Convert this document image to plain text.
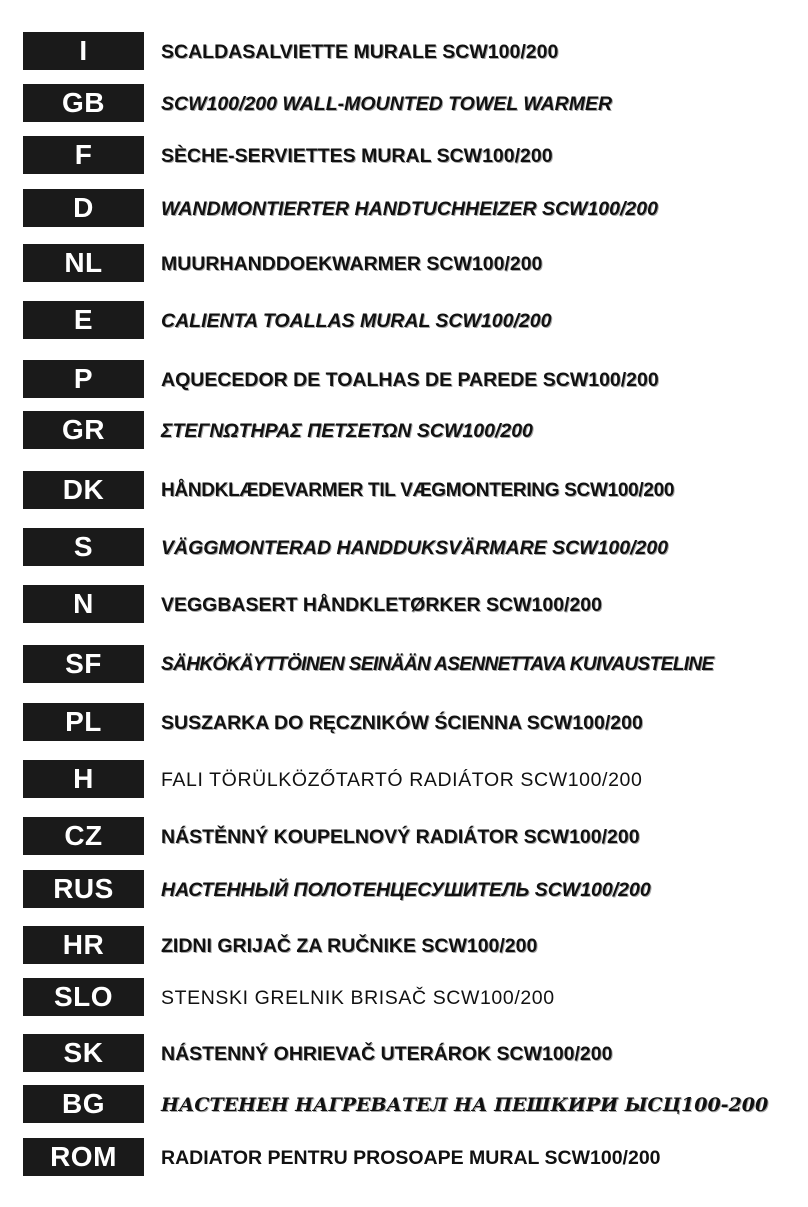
I	SCALDASALVIETTE MURALE SCW100/200
GB	SCW100/200 WALL-MOUNTED TOWEL WARMER
F	SÈCHE-SERVIETTES MURAL SCW100/200
D	WANDMONTIERTER HANDTUCHHEIZER SCW100/200
NL	MUURHANDDOEKWARMER SCW100/200
E	CALIENTA TOALLAS MURAL SCW100/200
P	AQUECEDOR DE TOALHAS DE PAREDE SCW100/200
GR	ΣΤΕΓΝΩΤΗΡΑΣ ΠΕΤΣΕΤΩΝ SCW100/200
DK	HÅNDKLÆDEVARMER TIL VÆGMONTERING SCW100/200
S	VÄGGMONTERAD HANDDUKSVÄRMARE SCW100/200
N	VEGGBASERT HÅNDKLETØRKER SCW100/200
SF	SÄHKÖKÄYTTÖINEN SEINÄÄN ASENNETTAVA KUIVAUSTELINE
PL	SUSZARKA DO RĘCZNIKÓW ŚCIENNA SCW100/200
H	FALI TÖRÜLKÖZŐTARTÓ RADIÁTOR SCW100/200
CZ	NÁSTĚNNÝ KOUPELNOVÝ RADIÁTOR SCW100/200
RUS	НАСТЕННЫЙ ПОЛОТЕНЦЕСУШИТЕЛЬ SCW100/200
HR	ZIDNI GRIJAČ ZA RUČNIKE SCW100/200
SLO	STENSKI GRELNIK BRISAČ SCW100/200
SK	NÁSTENNÝ OHRIEVAČ UTERÁROK SCW100/200
BG	НАСТЕНЕН НАГРЕВАТЕЛ НА ПЕШКИРИ ЫСЦ100-200
ROM	RADIATOR PENTRU PROSOAPE MURAL SCW100/200
